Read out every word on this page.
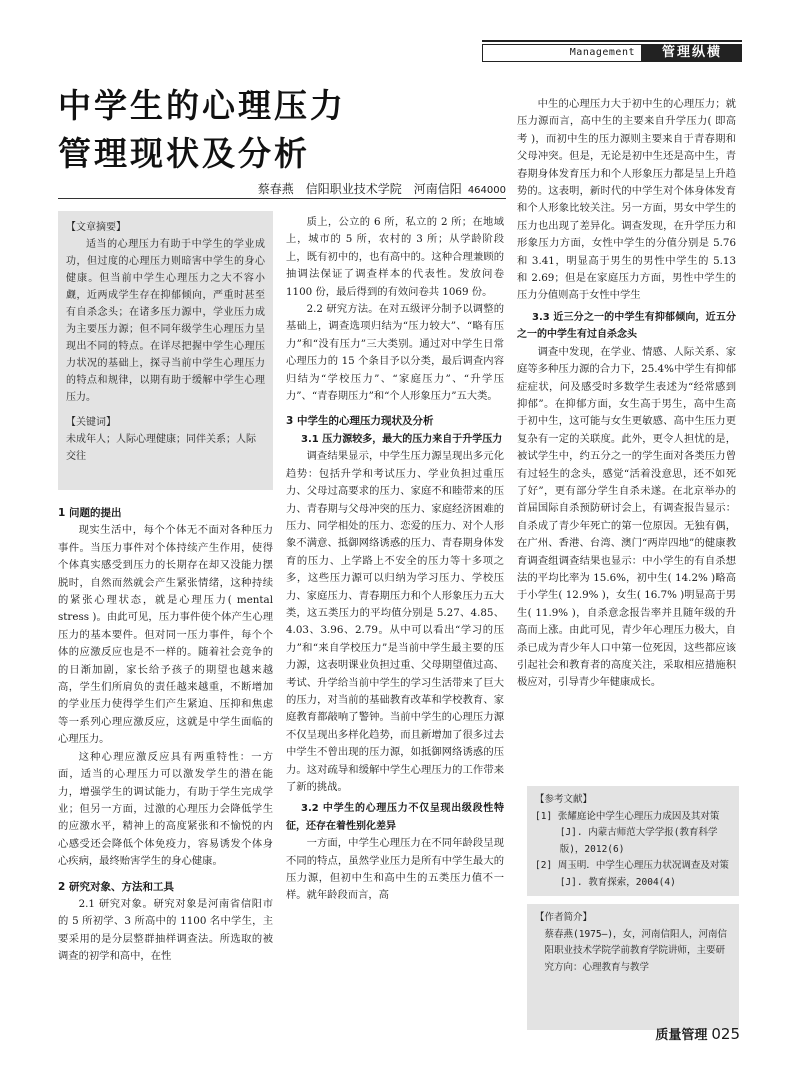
Management	管理纵横
中学生的心理压力
管理现状及分析
蔡春燕　信阳职业技术学院　河南信阳 464000
【文章摘要】

适当的心理压力有助于中学生的学业成功，但过度的心理压力则暗害中学生的身心健康。但当前中学生心理压力之大不容小觑，近两成学生存在抑郁倾向，严重时甚至有自杀念头；在诸多压力源中，学业压力成为主要压力源；但不同年级学生心理压力呈现出不同的特点。在详尽把握中学生心理压力状况的基础上，探寻当前中学生心理压力的特点和规律，以期有助于缓解中学生心理压力。

【关键词】
未成年人；人际心理健康；同伴关系；人际交往

1 问题的提出

现实生活中，每个个体无不面对各种压力事件。当压力事件对个体持续产生作用，使得个体真实感受到压力的长期存在却又没能力摆脱时，自然而然就会产生紧张情绪，这种持续的紧张心理状态，就是心理压力( mental　stress )。由此可见，压力事件使个体产生心理压力的基本要件。但对同一压力事件，每个个体的应激反应也是不一样的。随着社会竞争的的日渐加剧，家长给予孩子的期望也越来越高，学生们所肩负的责任越来越重，不断增加的学业压力使得学生们产生紧迫、压抑和焦虑等一系列心理应激反应，这就是中学生面临的心理压力。

这种心理应激反应具有两重特性：一方面，适当的心理压力可以激发学生的潜在能力，增强学生的调试能力，有助于学生完成学业；但另一方面，过激的心理压力会降低学生的应激水平，精神上的高度紧张和不愉悦的内心感受还会降低个体免疫力，容易诱发个体身心疾病，最终贻害学生的身心健康。

2 研究对象、方法和工具

2.1 研究对象。研究对象是河南省信阳市的 5 所初学、3 所高中的 1100 名中学生，主要采用的是分层整群抽样调查法。所选取的被调查的初学和高中，在性

质上，公立的 6 所，私立的 2 所；在地域上，城市的 5 所，农村的 3 所；从学龄阶段上，既有初中的，也有高中的。这种合理兼顾的抽调法保证了调查样本的代表性。发放问卷 1100 份，最后得到的有效问卷共 1069 份。

2.2 研究方法。在对五级评分制予以调整的基础上，调查选项归结为“压力较大”、“略有压力”和“没有压力”三大类别。通过对中学生日常心理压力的 15 个条目予以分类，最后调查内容归结为“学校压力”、“家庭压力”、“升学压力”、“青春期压力”和“个人形象压力”五大类。

3 中学生的心理压力现状及分析

3.1 压力源较多，最大的压力来自于升学压力

调查结果显示，中学生压力源呈现出多元化趋势：包括升学和考试压力、学业负担过重压力、父母过高要求的压力、家庭不和睦带来的压力、青春期与父母冲突的压力、家庭经济困难的压力、同学相处的压力、恋爱的压力、对个人形象不满意、抵御网络诱惑的压力、青春期身体发育的压力、上学路上不安全的压力等十多项之多，这些压力源可以归纳为学习压力、学校压力、家庭压力、青春期压力和个人形象压力五大类，这五类压力的平均值分别是 5.27、4.85、4.03、3.96、2.79。从中可以看出“学习的压力”和“来自学校压力”是当前中学生最主要的压力源，这表明课业负担过重、父母期望值过高、考试、升学给当前中学生的学习生活带来了巨大的压力，对当前的基础教育改革和学校教育、家庭教育都敲响了警钟。当前中学生的心理压力源不仅呈现出多样化趋势，而且新增加了很多过去中学生不曾出现的压力源，如抵御网络诱惑的压力。这对疏导和缓解中学生心理压力的工作带来了新的挑战。

3.2 中学生的心理压力不仅呈现出级段性特征，还存在着性别化差异

一方面，中学生心理压力在不同年龄段呈现不同的特点，虽然学业压力是所有中学生最大的压力源，但初中生和高中生的五类压力值不一样。就年龄段而言，高

中生的心理压力大于初中生的心理压力；就压力源而言，高中生的主要来自升学压力( 即高考 )，而初中生的压力源则主要来自于青春期和父母冲突。但是，无论是初中生还是高中生，青春期身体发育压力和个人形象压力都是呈上升趋势的。这表明，新时代的中学生对个体身体发育和个人形象比较关注。另一方面，男女中学生的压力也出现了差异化。调查发现，在升学压力和形象压力方面，女性中学生的分值分别是 5.76 和 3.41，明显高于男生的男性中学生的 5.13 和 2.69；但是在家庭压力方面，男性中学生的压力分值则高于女性中学生

3.3 近三分之一的中学生有抑郁倾向，近五分之一的中学生有过自杀念头

调查中发现，在学业、情感、人际关系、家庭等多种压力源的合力下，25.4%中学生有抑郁症症状，问及感受时多数学生表述为“经常感到抑郁”。在抑郁方面，女生高于男生，高中生高于初中生，这可能与女生更敏感、高中生压力更复杂有一定的关联度。此外，更令人担忧的是，被试学生中，约五分之一的学生面对各类压力曾有过轻生的念头，感觉“活着没意思，还不如死了好”，更有部分学生自杀未遂。在北京举办的首届国际自杀预防研讨会上，有调查报告显示：自杀成了青少年死亡的第一位原因。无独有偶，在广州、香港、台湾、澳门“两岸四地”的健康教育调查组调查结果也显示：中小学生的有自杀想法的平均比率为 15.6%，初中生( 14.2% )略高于小学生( 12.9% )，女生( 16.7% )明显高于男生( 11.9% )，自杀意念报告率并且随年级的升高而上涨。由此可见，青少年心理压力极大，自杀已成为青少年人口中第一位死因，这些都应该引起社会和教育者的高度关注，采取相应措施积极应对，引导青少年健康成长。

【参考文献】

[1] 张耀庭论中学生心理压力成因及其对策 [J]. 内蒙古师范大学学报(教育科学版)，2012(6)

[2] 周玉明．中学生心理压力状况调查及对策 [J]. 教育探索，2004(4)

【作者简介】

蔡春燕(1975—)，女，河南信阳人，河南信阳职业技术学院学前教育学院讲师，主要研究方向：心理教育与教学

质量管理 025
